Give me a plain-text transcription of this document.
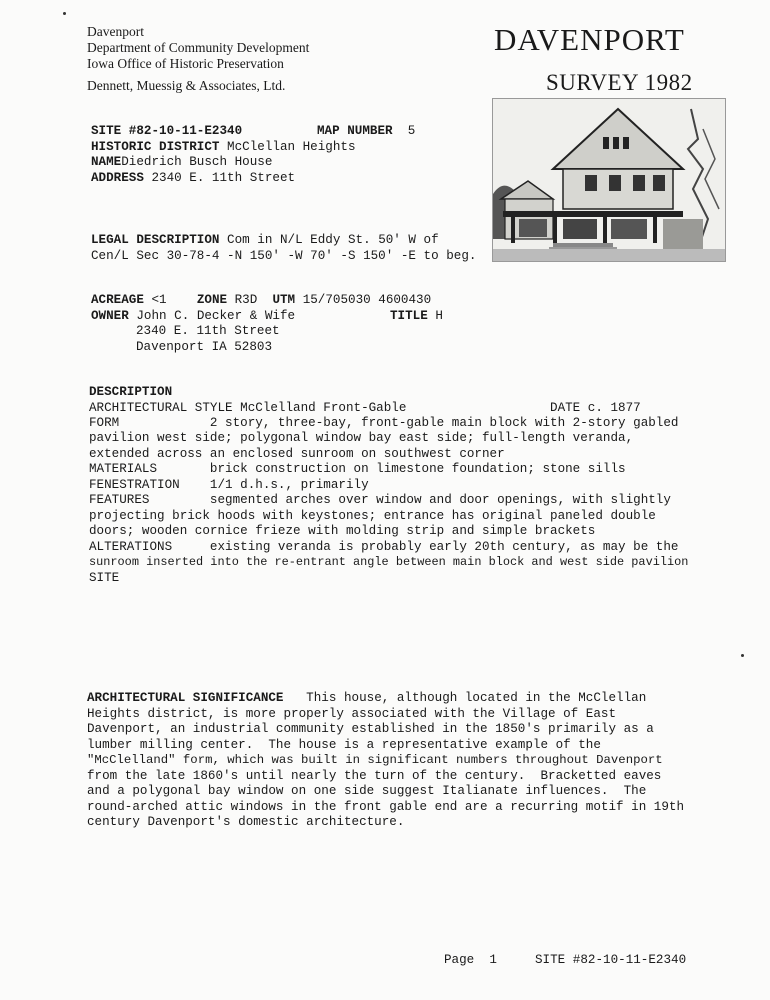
Davenport
Department of Community Development
Iowa Office of Historic Preservation
Dennett, Muessig & Associates, Ltd.
DAVENPORT
SURVEY 1982
SITE #82-10-11-E2340	MAP NUMBER 5
HISTORIC DISTRICT McClellan Heights
NAMEDiedrich Busch House
ADDRESS 2340 E. 11th Street
LEGAL DESCRIPTION Com in N/L Eddy St. 50' W of
Cen/L Sec 30-78-4 -N 150' -W 70' -S 150' -E to beg.
ACREAGE <1 ZONE R3D UTM 15/705030 4600430
OWNER John C. Decker & Wife	TITLE H
2340 E. 11th Street
Davenport IA 52803
DESCRIPTION
ARCHITECTURAL STYLE McClelland Front-Gable                   DATE c. 1877
FORM            2 story, three-bay, front-gable main block with 2-story gabled
pavilion west side; polygonal window bay east side; full-length veranda,
extended across an enclosed sunroom on southwest corner
MATERIALS       brick construction on limestone foundation; stone sills
FENESTRATION    1/1 d.h.s., primarily
FEATURES        segmented arches over window and door openings, with slightly
projecting brick hoods with keystones; entrance has original paneled double
doors; wooden cornice frieze with molding strip and simple brackets
ALTERATIONS     existing veranda is probably early 20th century, as may be the
sunroom inserted into the re-entrant angle between main block and west side pavilion
SITE
ARCHITECTURAL SIGNIFICANCE   This house, although located in the McClellan
Heights district, is more properly associated with the Village of East
Davenport, an industrial community established in the 1850's primarily as a
lumber milling center.  The house is a representative example of the
"McClelland" form, which was built in significant numbers throughout Davenport
from the late 1860's until nearly the turn of the century.  Bracketted eaves
and a polygonal bay window on one side suggest Italianate influences.  The
round-arched attic windows in the front gable end are a recurring motif in 19th
century Davenport's domestic architecture.
Page  1	SITE #82-10-11-E2340
